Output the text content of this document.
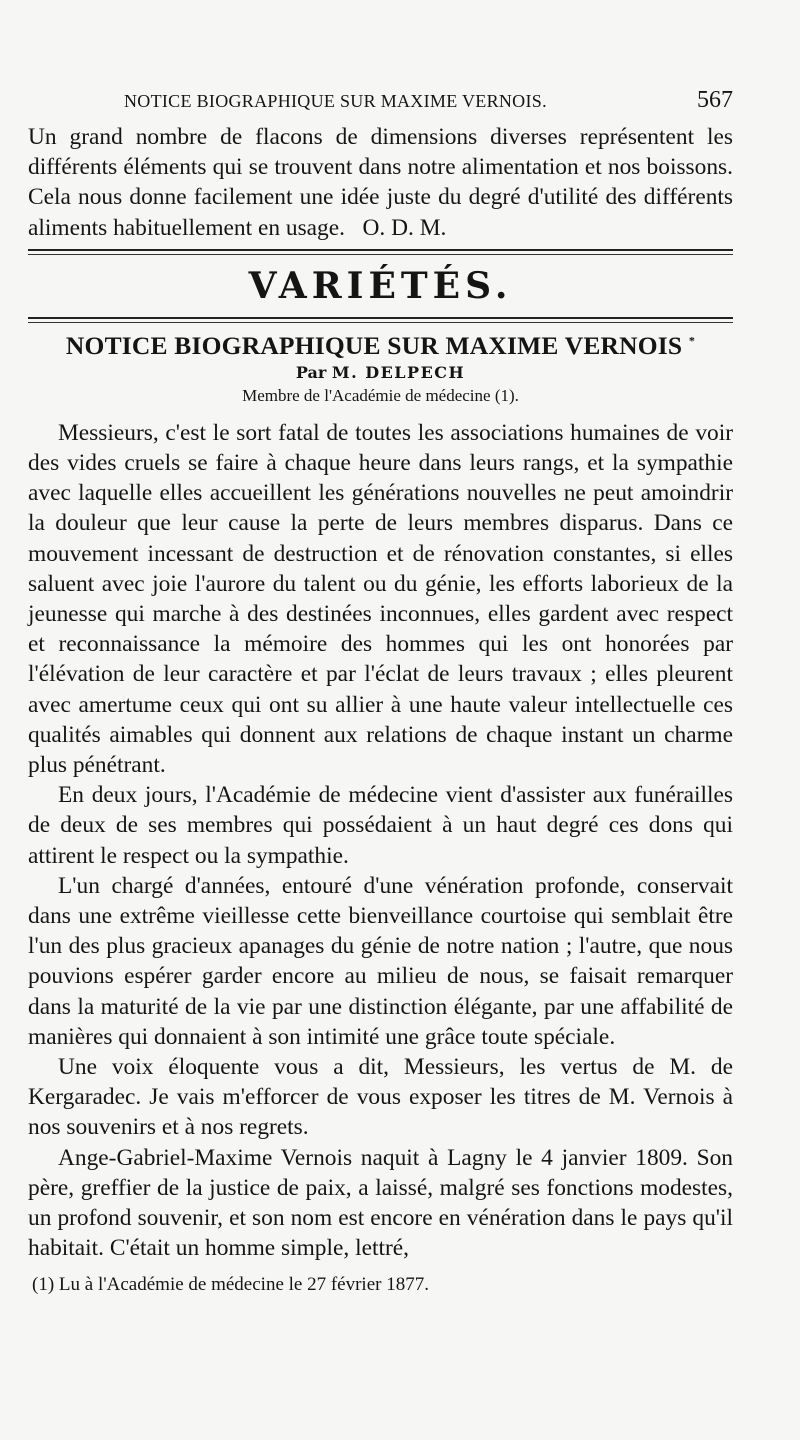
NOTICE BIOGRAPHIQUE SUR MAXIME VERNOIS.	567

Un grand nombre de flacons de dimensions diverses représentent les différents éléments qui se trouvent dans notre alimentation et nos boissons. Cela nous donne facilement une idée juste du degré d'utilité des différents aliments habituellement en usage. O. D. M.

VARIÉTÉS.
NOTICE BIOGRAPHIQUE SUR MAXIME VERNOIS *
Par M. DELPECH
Membre de l'Académie de médecine (1).

Messieurs, c'est le sort fatal de toutes les associations humaines de voir des vides cruels se faire à chaque heure dans leurs rangs, et la sympathie avec laquelle elles accueillent les générations nouvelles ne peut amoindrir la douleur que leur cause la perte de leurs membres disparus. Dans ce mouvement incessant de destruction et de rénovation constantes, si elles saluent avec joie l'aurore du talent ou du génie, les efforts laborieux de la jeunesse qui marche à des destinées inconnues, elles gardent avec respect et reconnaissance la mémoire des hommes qui les ont honorées par l'élévation de leur caractère et par l'éclat de leurs travaux ; elles pleurent avec amertume ceux qui ont su allier à une haute valeur intellectuelle ces qualités aimables qui donnent aux relations de chaque instant un charme plus pénétrant.

En deux jours, l'Académie de médecine vient d'assister aux funérailles de deux de ses membres qui possédaient à un haut degré ces dons qui attirent le respect ou la sympathie.

L'un chargé d'années, entouré d'une vénération profonde, conservait dans une extrême vieillesse cette bienveillance courtoise qui semblait être l'un des plus gracieux apanages du génie de notre nation ; l'autre, que nous pouvions espérer garder encore au milieu de nous, se faisait remarquer dans la maturité de la vie par une distinction élégante, par une affabilité de manières qui donnaient à son intimité une grâce toute spéciale.

Une voix éloquente vous a dit, Messieurs, les vertus de M. de Kergaradec. Je vais m'efforcer de vous exposer les titres de M. Vernois à nos souvenirs et à nos regrets.

Ange-Gabriel-Maxime Vernois naquit à Lagny le 4 janvier 1809. Son père, greffier de la justice de paix, a laissé, malgré ses fonctions modestes, un profond souvenir, et son nom est encore en vénération dans le pays qu'il habitait. C'était un homme simple, lettré,

(1) Lu à l'Académie de médecine le 27 février 1877.
